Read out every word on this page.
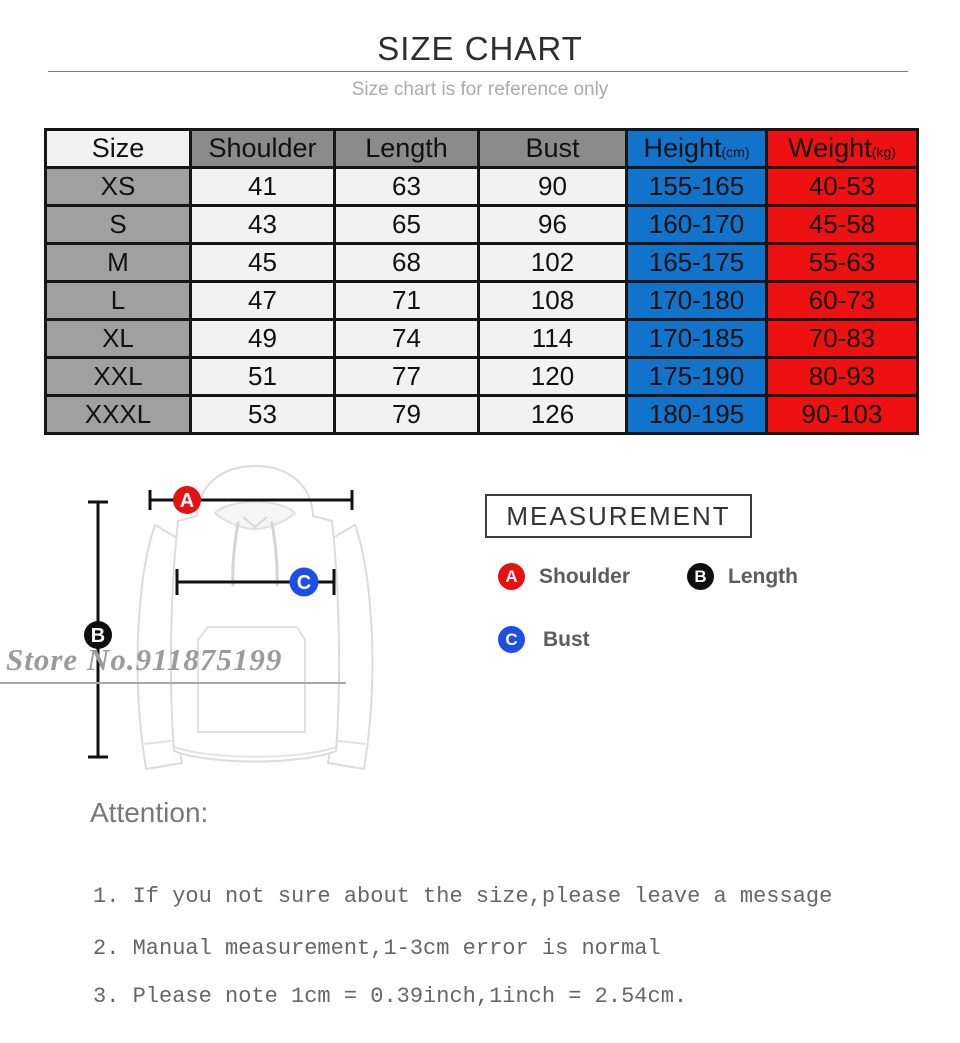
SIZE CHART
Size chart is for reference only
Size	Shoulder	Length	Bust	Height(cm)	Weight(kg)
XS	41	63	90	155-165	40-53
S	43	65	96	160-170	45-58
M	45	68	102	165-175	55-63
L	47	71	108	170-180	60-73
XL	49	74	114	170-185	70-83
XXL	51	77	120	175-190	80-93
XXXL	53	79	126	180-195	90-103
A
C
B
Store No.911875199
MEASUREMENT
A	Shoulder	B	Length
C	Bust
Attention:
1. If you not sure about the size,please leave a message
2. Manual measurement,1-3cm error is normal
3. Please note 1cm = 0.39inch,1inch = 2.54cm.
